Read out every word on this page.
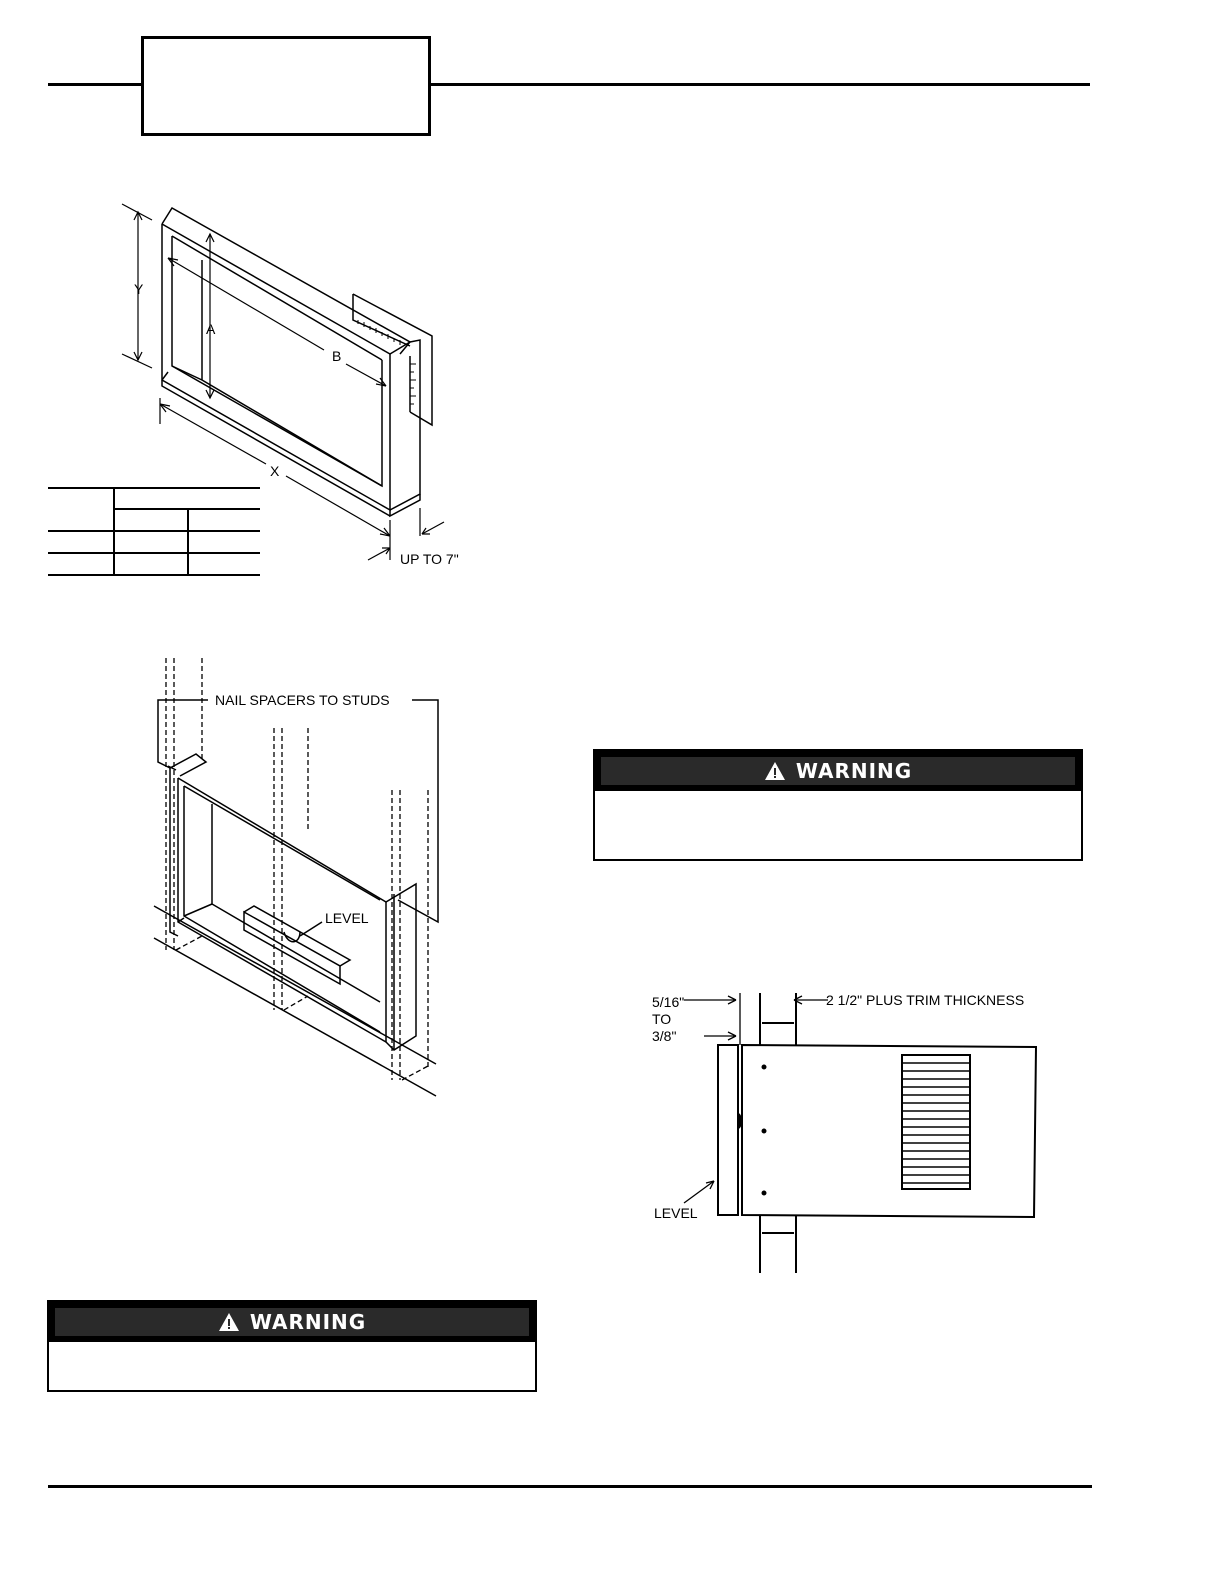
Y
A
B
X
UP TO 7"
NAIL SPACERS TO STUDS
LEVEL
5/16"
TO
3/8"
2 1/2" PLUS TRIM THICKNESS
LEVEL
WARNING
WARNING
